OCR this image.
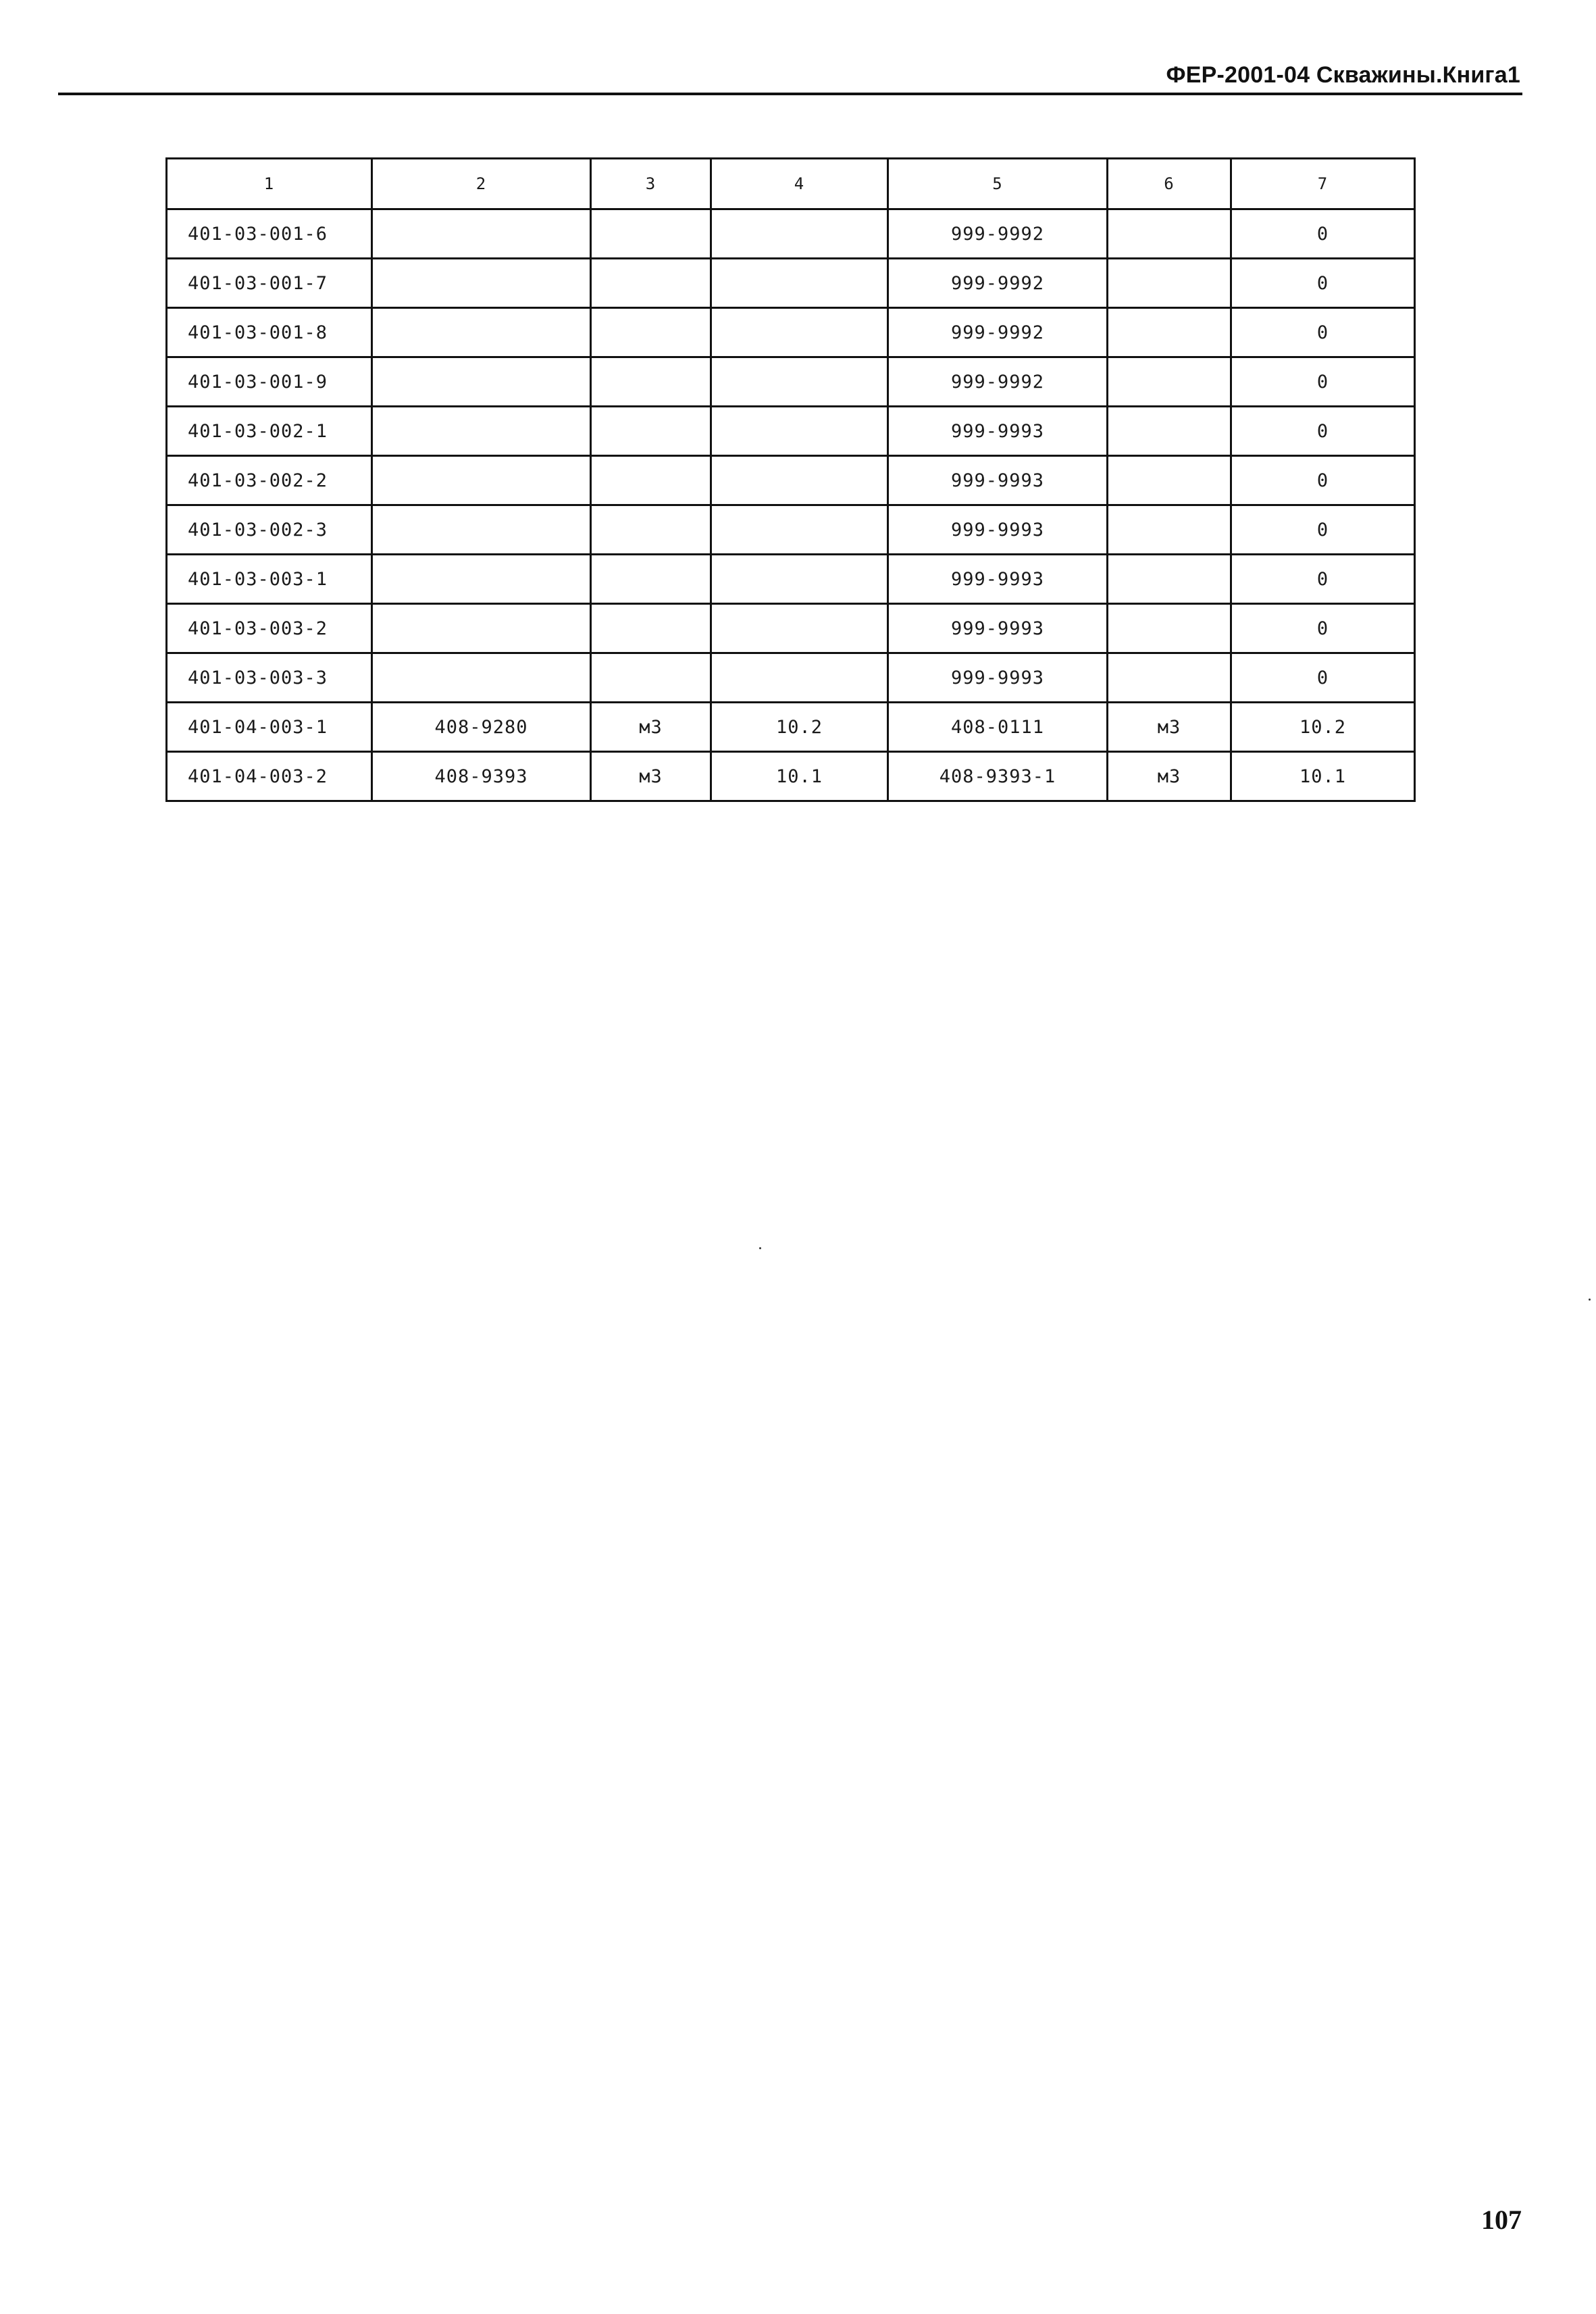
ФЕР-2001-04 Скважины.Книга1
1	2	3	4	5	6	7
401-03-001-6				999-9992		0
401-03-001-7				999-9992		0
401-03-001-8				999-9992		0
401-03-001-9				999-9992		0
401-03-002-1				999-9993		0
401-03-002-2				999-9993		0
401-03-002-3				999-9993		0
401-03-003-1				999-9993		0
401-03-003-2				999-9993		0
401-03-003-3				999-9993		0
401-04-003-1	408-9280	м3	10.2	408-0111	м3	10.2
401-04-003-2	408-9393	м3	10.1	408-9393-1	м3	10.1
107
